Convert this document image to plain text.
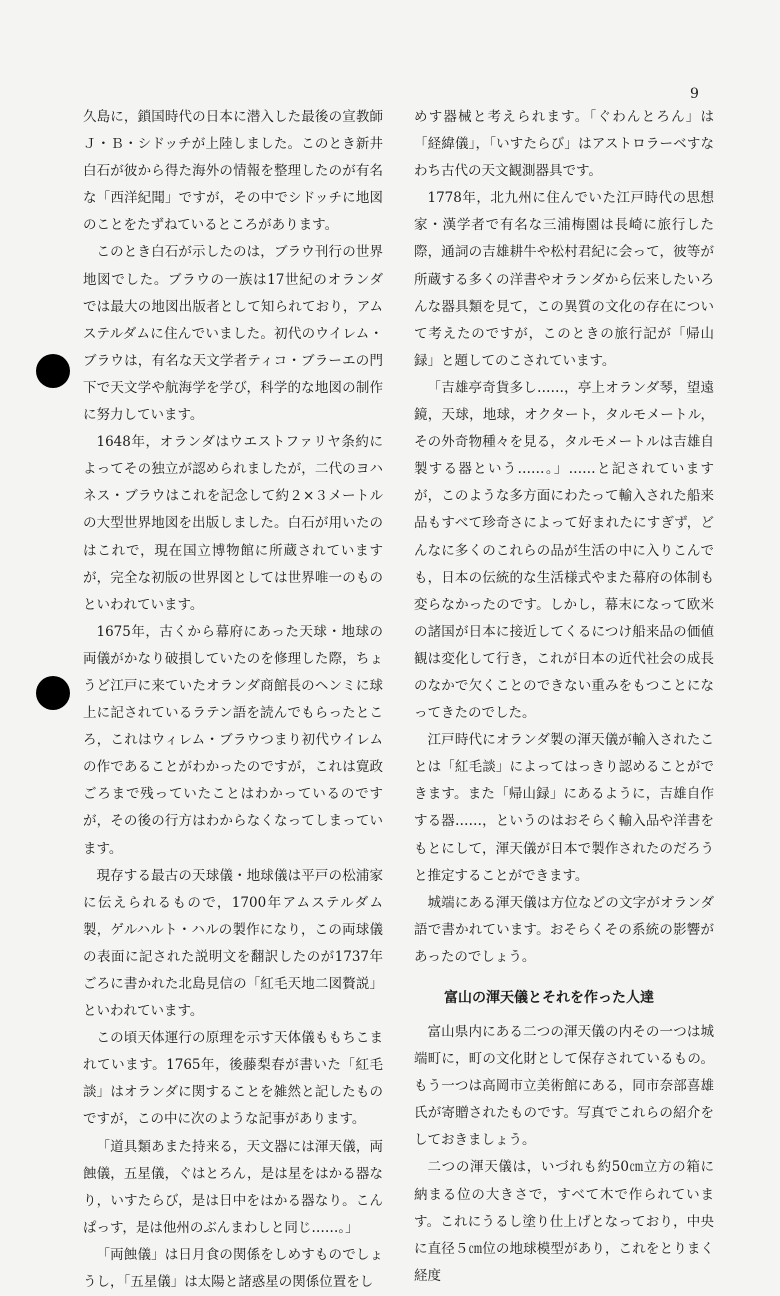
9

久島に，鎖国時代の日本に潜入した最後の宣教師Ｊ・Ｂ・シドッチが上陸しました。このとき新井白石が彼から得た海外の情報を整理したのが有名な「西洋紀聞」ですが，その中でシドッチに地図のことをたずねているところがあります。

このとき白石が示したのは，ブラウ刊行の世界地図でした。ブラウの一族は17世紀のオランダでは最大の地図出版者として知られており，アムステルダムに住んでいました。初代のウイレム・ブラウは，有名な天文学者ティコ・ブラーエの門下で天文学や航海学を学び，科学的な地図の制作に努力しています。

1648年，オランダはウエストファリヤ条約によってその独立が認められましたが，二代のヨハネス・ブラウはこれを記念して約２×３メートルの大型世界地図を出版しました。白石が用いたのはこれで，現在国立博物館に所蔵されていますが，完全な初版の世界図としては世界唯一のものといわれています。

1675年，古くから幕府にあった天球・地球の両儀がかなり破損していたのを修理した際，ちょうど江戸に来ていたオランダ商館長のヘンミに球上に記されているラテン語を読んでもらったところ，これはウィレム・ブラウつまり初代ウイレムの作であることがわかったのですが，これは寛政ごろまで残っていたことはわかっているのですが，その後の行方はわからなくなってしまっています。

現存する最古の天球儀・地球儀は平戸の松浦家に伝えられるもので，1700年アムステルダム製，ゲルハルト・ハルの製作になり，この両球儀の表面に記された説明文を翻訳したのが1737年ごろに書かれた北島見信の「紅毛天地二図贅説」といわれています。

この頃天体運行の原理を示す天体儀ももちこまれています。1765年，後藤梨春が書いた「紅毛談」はオランダに関することを雑然と記したものですが，この中に次のような記事があります。

「道具類あまた持来る，天文器には渾天儀，両蝕儀，五星儀，ぐはとろん，是は星をはかる器なり，いすたらび，是は日中をはかる器なり。こんぱっす，是は他州のぶんまわしと同じ……。」

「両蝕儀」は日月食の関係をしめすものでしょうし，「五星儀」は太陽と諸惑星の関係位置をし

めす器械と考えられます。「ぐわんとろん」は「経緯儀」，「いすたらび」はアストロラーベすなわち古代の天文観測器具です。

1778年，北九州に住んでいた江戸時代の思想家・漢学者で有名な三浦梅園は長崎に旅行した際，通詞の吉雄耕牛や松村君紀に会って，彼等が所蔵する多くの洋書やオランダから伝来したいろんな器具類を見て，この異質の文化の存在について考えたのですが，このときの旅行記が「帰山録」と題してのこされています。

「吉雄亭奇貨多し……，亭上オランダ琴，望遠鏡，天球，地球，オクタート，タルモメートル，その外奇物種々を見る，タルモメートルは吉雄自製する器という……。」……と記されていますが，このような多方面にわたって輸入された船来品もすべて珍奇さによって好まれたにすぎず，どんなに多くのこれらの品が生活の中に入りこんでも，日本の伝統的な生活様式やまた幕府の体制も変らなかったのです。しかし，幕末になって欧米の諸国が日本に接近してくるにつけ船来品の価値観は変化して行き，これが日本の近代社会の成長のなかで欠くことのできない重みをもつことになってきたのでした。

江戸時代にオランダ製の渾天儀が輸入されたことは「紅毛談」によってはっきり認めることができます。また「帰山録」にあるように，吉雄自作する器……，というのはおそらく輸入品や洋書をもとにして，渾天儀が日本で製作されたのだろうと推定することができます。

城端にある渾天儀は方位などの文字がオランダ語で書かれています。おそらくその系統の影響があったのでしょう。

富山の渾天儀とそれを作った人達

富山県内にある二つの渾天儀の内その一つは城端町に，町の文化財として保存されているもの。もう一つは高岡市立美術館にある，同市奈部喜雄氏が寄贈されたものです。写真でこれらの紹介をしておきましょう。

二つの渾天儀は，いづれも約50㎝立方の箱に納まる位の大きさで，すべて木で作られています。これにうるし塗り仕上げとなっており，中央に直径５㎝位の地球模型があり，これをとりまく経度
